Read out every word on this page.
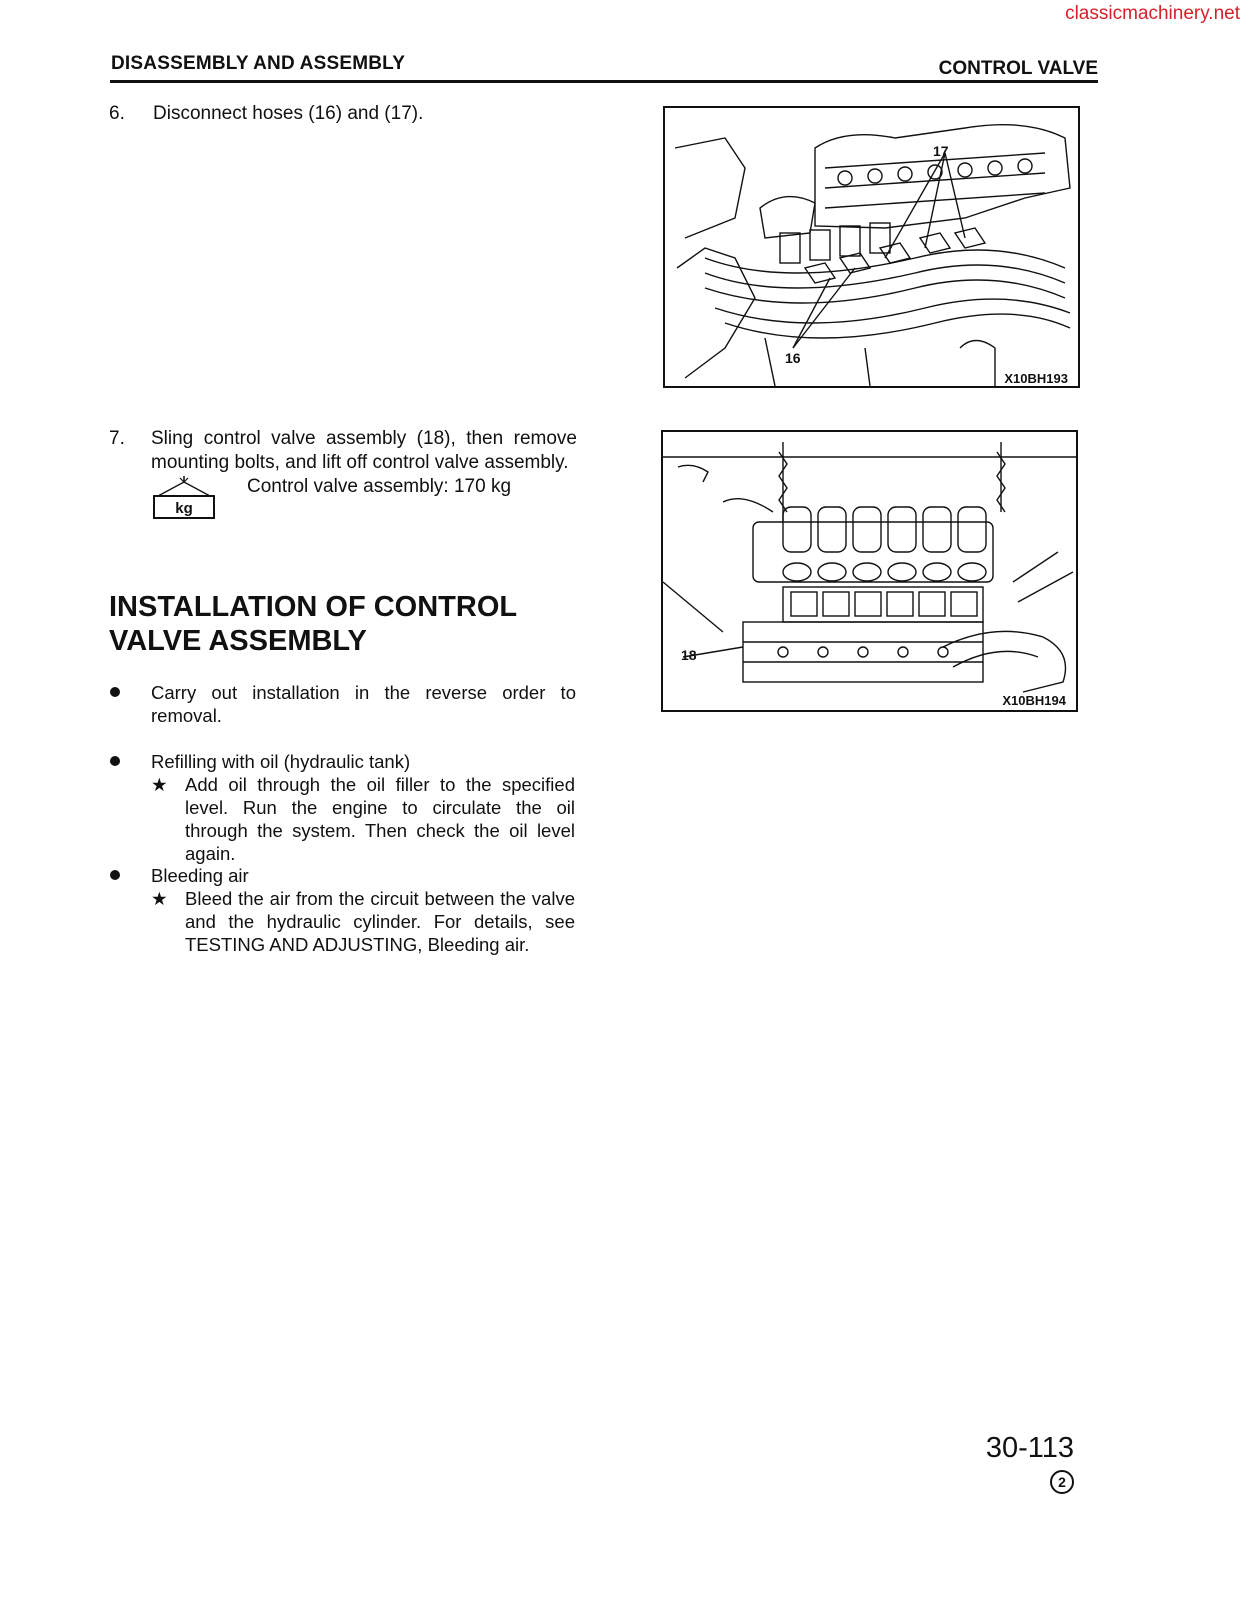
classicmachinery.net
DISASSEMBLY AND ASSEMBLY	CONTROL VALVE
6. Disconnect hoses (16) and (17).
17
16
X10BH193
7. Sling control valve assembly (18), then remove mounting bolts, and lift off control valve assembly.
kg
Control valve assembly: 170 kg
18
X10BH194
INSTALLATION OF CONTROL VALVE ASSEMBLY
Carry out installation in the reverse order to removal.
Refilling with oil (hydraulic tank)
★ Add oil through the oil filler to the specified level. Run the engine to circulate the oil through the system. Then check the oil level again.
Bleeding air
★ Bleed the air from the circuit between the valve and the hydraulic cylinder. For details, see TESTING AND ADJUSTING, Bleeding air.
30-113
2
